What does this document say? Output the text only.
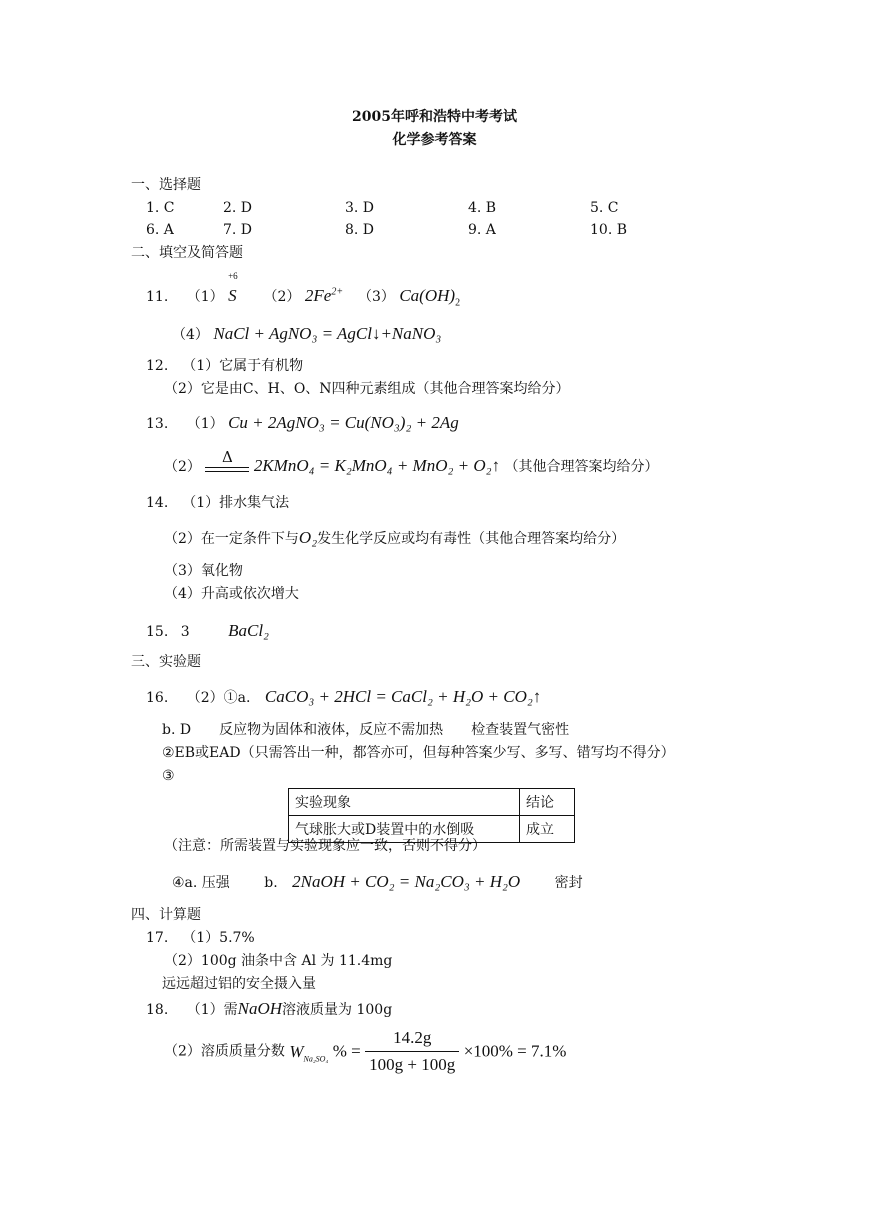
2005年呼和浩特中考考试
化学参考答案
一、选择题
1. C	2. D	3. D	4. B	5. C
6. A	7. D	8. D	9. A	10. B
二、填空及简答题
11. （1）
+6
S （2） $2Fe^{2+}$ （3） $Ca(OH)_2$
（4） NaCl + AgNO₃ = AgCl↓+NaNO₃
12. （1）它属于有机物
（2）它是由C、H、O、N四种元素组成（其他合理答案均给分）
13. （1） Cu + 2AgNO₃ = Cu(NO₃)₂ + 2Ag
（2）
Δ	2KMnO₄ = K₂MnO₄ + MnO₂ + O₂↑ （其他合理答案均给分）
14. （1）排水集气法
（2）在一定条件下与O₂发生化学反应或均有毒性（其他合理答案均给分）
（3）氧化物
（4）升高或依次增大
15. 3 BaCl₂
三、实验题
16. （2）①a. CaCO₃ + 2HCl = CaCl₂ + H₂O + CO₂↑
b. D　　反应物为固体和液体，反应不需加热　　检查装置气密性
②EB或EAD（只需答出一种，都答亦可，但每种答案少写、多写、错写均不得分）
③
实验现象	结论
气球胀大或D装置中的水倒吸	成立
（注意：所需装置与实验现象应一致，否则不得分）
④a. 压强 b. 2NaOH + CO₂ = Na₂CO₃ + H₂O 密封
四、计算题
17. （1）5.7%
（2）100g 油条中含 Al 为 11.4mg
远远超过铝的安全摄入量
18. （1）需NaOH溶液质量为 100g
（2）溶质质量分数 $W_{Na_2SO_4}$ % = $\frac{14.2g}{100g + 100g} \times 100\% = 7.1\%$
